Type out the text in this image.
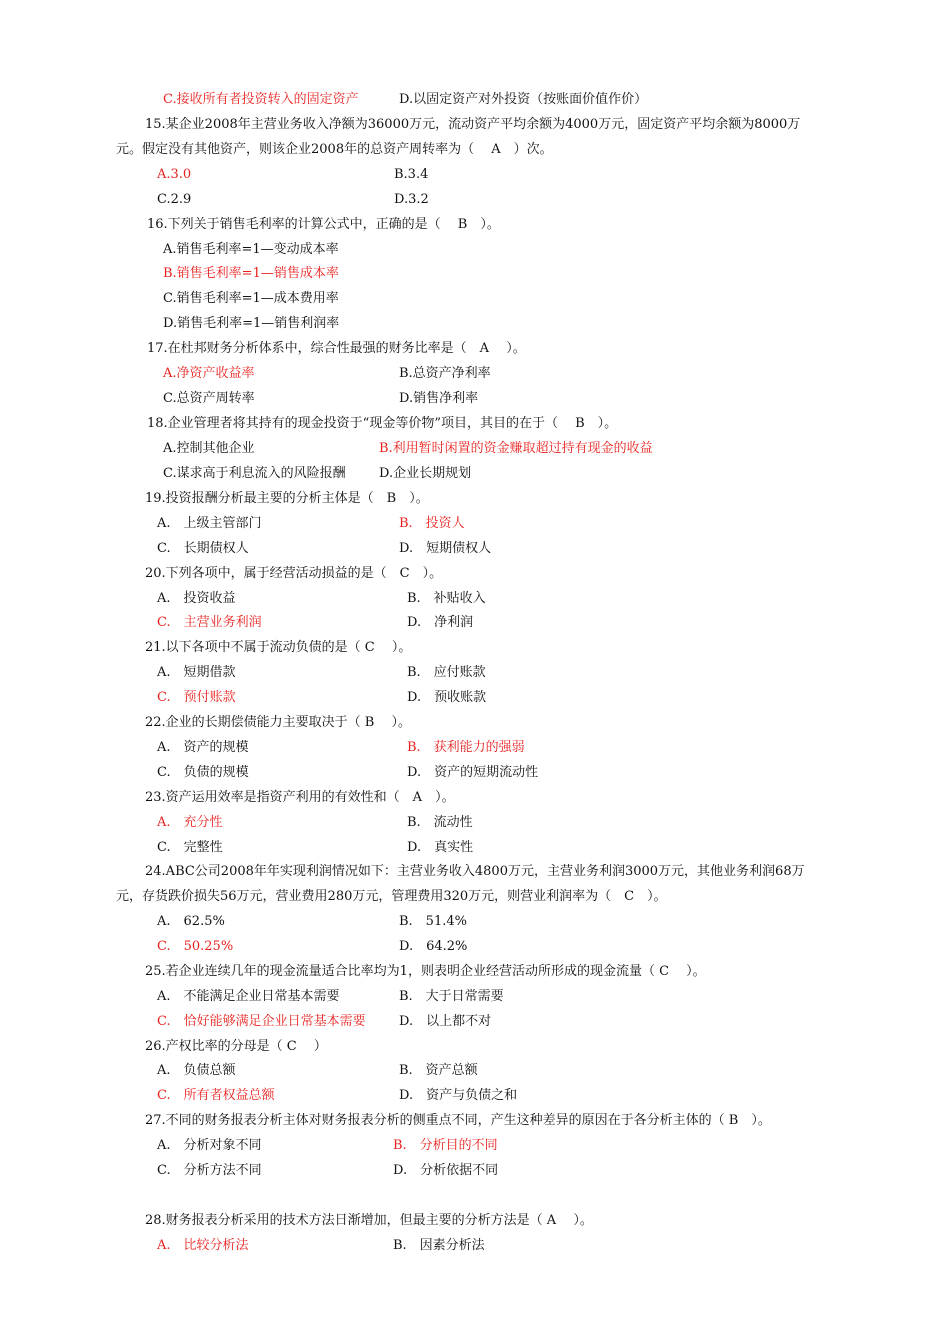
C.接收所有者投资转入的固定资产	D.以固定资产对外投资（按账面价值作价）
15.某企业2008年主营业务收入净额为36000万元，流动资产平均余额为4000万元，固定资产平均余额为8000万
元。假定没有其他资产，则该企业2008年的总资产周转率为（　 A　）次。
A.3.0	B.3.4
C.2.9	D.3.2
16.下列关于销售毛利率的计算公式中，正确的是（　 B　）。
A.销售毛利率=1—变动成本率
B.销售毛利率=1—销售成本率
C.销售毛利率=1—成本费用率
D.销售毛利率=1—销售利润率
17.在杜邦财务分析体系中，综合性最强的财务比率是（　A　 ）。
A.净资产收益率	B.总资产净利率
C.总资产周转率	D.销售净利率
18.企业管理者将其持有的现金投资于“现金等价物”项目，其目的在于（　 B　）。
A.控制其他企业	B.利用暂时闲置的资金赚取超过持有现金的收益
C.谋求高于利息流入的风险报酬	D.企业长期规划
19.投资报酬分析最主要的分析主体是（　B　）。
A.　上级主管部门	B.　投资人
C.　长期债权人	D.　短期债权人
20.下列各项中，属于经营活动损益的是（　C　）。
A.　投资收益	B.　补贴收入
C.　主营业务利润	D.　净利润
21.以下各项中不属于流动负债的是（ C　 ）。
A.　短期借款	B.　应付账款
C.　预付账款	D.　预收账款
22.企业的长期偿债能力主要取决于（ B　 ）。
A.　资产的规模	B.　获利能力的强弱
C.　负债的规模	D.　资产的短期流动性
23.资产运用效率是指资产利用的有效性和（　A　）。
A.　充分性	B.　流动性
C.　完整性	D.　真实性
24.ABC公司2008年年实现利润情况如下：主营业务收入4800万元，主营业务利润3000万元，其他业务利润68万
元，存货跌价损失56万元，营业费用280万元，管理费用320万元，则营业利润率为（　C　）。
A.　62.5%	B.　51.4%
C.　50.25%	D.　64.2%
25.若企业连续几年的现金流量适合比率均为1，则表明企业经营活动所形成的现金流量（ C　 ）。
A.　不能满足企业日常基本需要	B.　大于日常需要
C.　恰好能够满足企业日常基本需要	D.　以上都不对
26.产权比率的分母是（ C　 ）
A.　负债总额	B.　资产总额
C.　所有者权益总额	D.　资产与负债之和
27.不同的财务报表分析主体对财务报表分析的侧重点不同，产生这种差异的原因在于各分析主体的（ B　）。
A.　分析对象不同	B.　分析目的不同
C.　分析方法不同	D.　分析依据不同
28.财务报表分析采用的技术方法日渐增加，但最主要的分析方法是（ A　 ）。
A.　比较分析法	B.　因素分析法
